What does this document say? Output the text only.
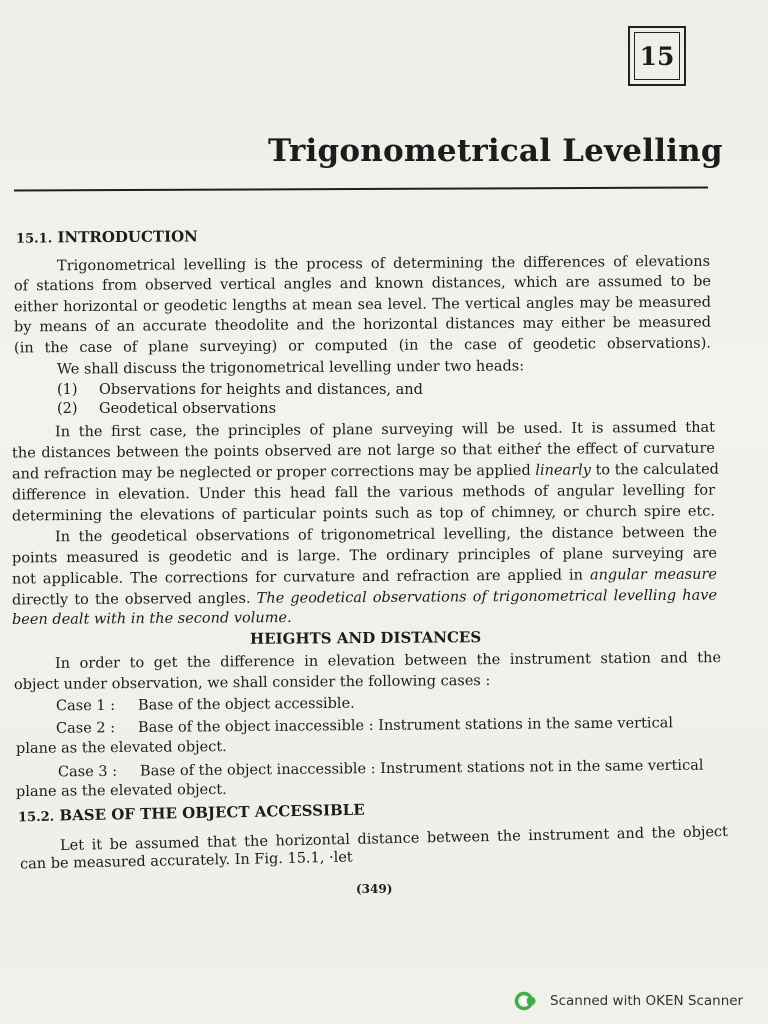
15
Trigonometrical Levelling
15.1. INTRODUCTION
Trigonometrical levelling is the process of determining the differences of elevations
of stations from observed vertical angles and known distances, which are assumed to be
either horizontal or geodetic lengths at mean sea level. The vertical angles may be measured
by means of an accurate theodolite and the horizontal distances may either be measured
(in the case of plane surveying) or computed (in the case of geodetic observations).
We shall discuss the trigonometrical levelling under two heads:
(1) Observations for heights and distances, and
(2) Geodetical observations
In the first case, the principles of plane surveying will be used. It is assumed that
the distances between the points observed are not large so that eitheŕ the effect of curvature
and refraction may be neglected or proper corrections may be applied linearly to the calculated
difference in elevation. Under this head fall the various methods of angular levelling for
determining the elevations of particular points such as top of chimney, or church spire etc.
In the geodetical observations of trigonometrical levelling, the distance between the
points measured is geodetic and is large. The ordinary principles of plane surveying are
not applicable. The corrections for curvature and refraction are applied in angular measure
directly to the observed angles. The geodetical observations of trigonometrical levelling have
been dealt with in the second volume.
HEIGHTS AND DISTANCES
In order to get the difference in elevation between the instrument station and the
object under observation, we shall consider the following cases :
Case 1 : Base of the object accessible.
Case 2 : Base of the object inaccessible : Instrument stations in the same vertical
plane as the elevated object.
Case 3 : Base of the object inaccessible : Instrument stations not in the same vertical
plane as the elevated object.
15.2. BASE OF THE OBJECT ACCESSIBLE
Let it be assumed that the horizontal distance between the instrument and the object
can be measured accurately. In Fig. 15.1, ·let
(349)
Scanned with OKEN Scanner
